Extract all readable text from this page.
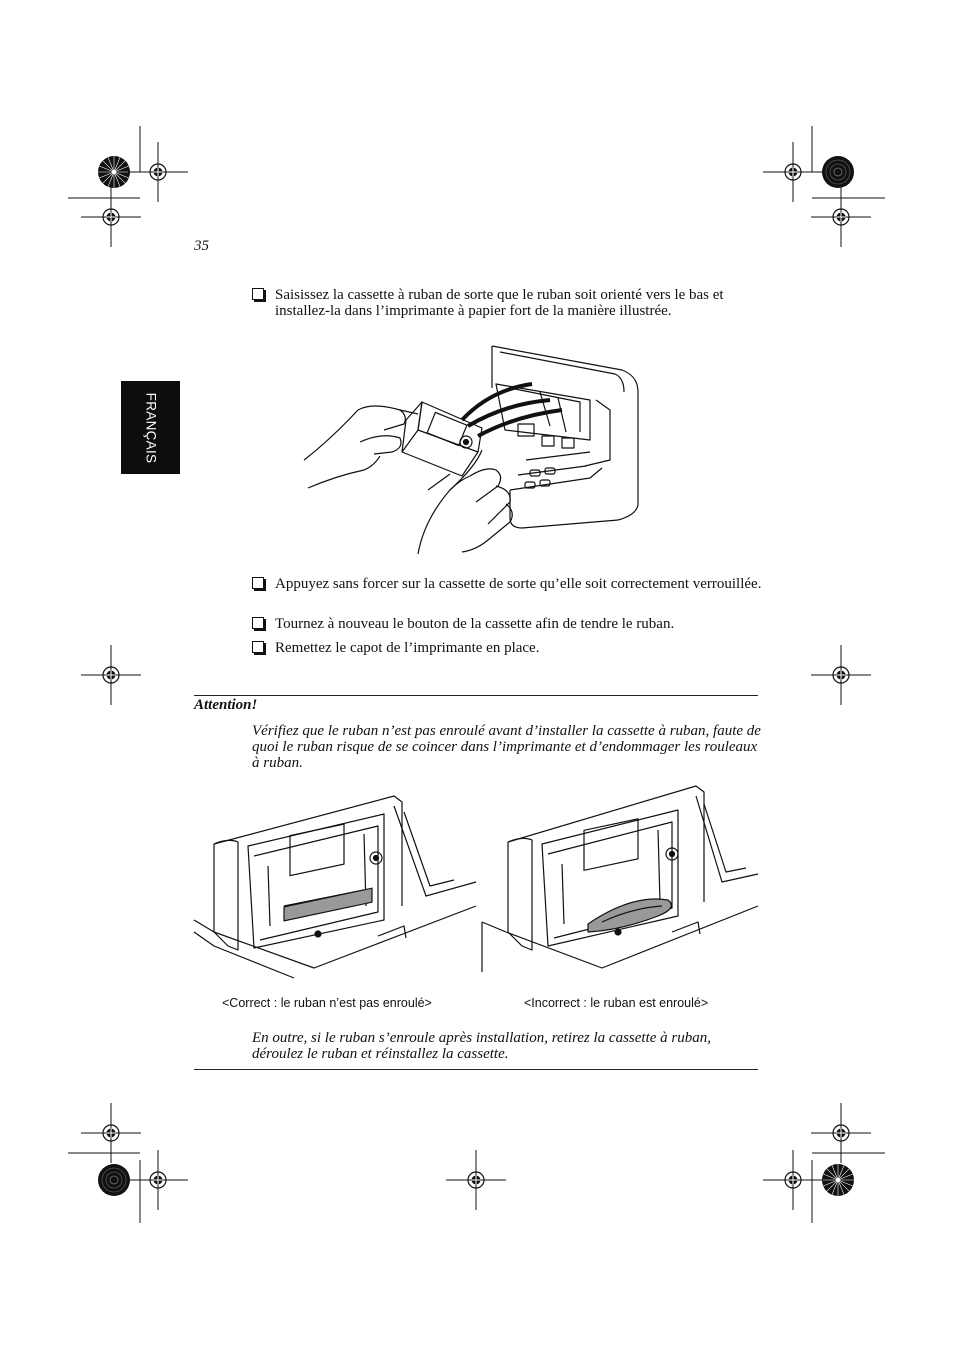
35
FRANÇAIS
Saisissez la cassette à ruban de sorte que le ruban soit orienté vers le bas et installez-la dans l’imprimante à papier fort de la manière illustrée.
Appuyez sans forcer sur la cassette de sorte qu’elle soit correctement verrouillée.
Tournez à nouveau le bouton de la cassette afin de tendre le ruban.
Remettez le capot de l’imprimante en place.
Attention!
Vérifiez que le ruban n’est pas enroulé avant d’installer la cassette à ruban, faute de quoi le ruban risque de se coincer dans l’imprimante et d’endommager les rouleaux à ruban.
<Correct : le ruban n’est pas enroulé>	<Incorrect : le ruban est enroulé>
En outre, si le ruban s’enroule après installation, retirez la cassette à ruban, déroulez le ruban et réinstallez la cassette.
